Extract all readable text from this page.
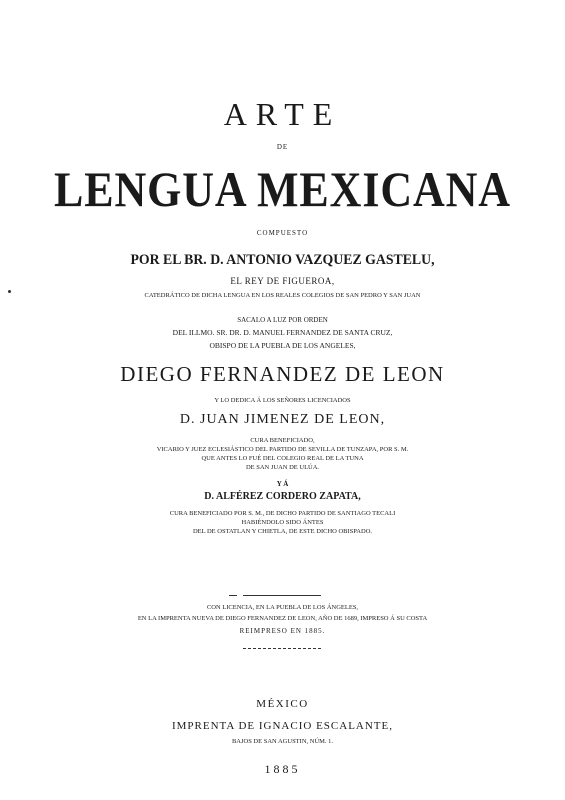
ARTE
DE
LENGUA MEXICANA
COMPUESTO
POR EL BR. D. ANTONIO VAZQUEZ GASTELU,
EL REY DE FIGUEROA,
CATEDRÁTICO DE DICHA LENGUA EN LOS REALES COLEGIOS DE SAN PEDRO Y SAN JUAN
SACALO A LUZ POR ORDEN
DEL ILLMO. SR. DR. D. MANUEL FERNANDEZ DE SANTA CRUZ,
OBISPO DE LA PUEBLA DE LOS ANGELES,
DIEGO FERNANDEZ DE LEON
Y LO DEDICA Á LOS SEÑORES LICENCIADOS
D. JUAN JIMENEZ DE LEON,
CURA BENEFICIADO,
VICARIO Y JUEZ ECLESIÁSTICO DEL PARTIDO DE SEVILLA DE TUNZAPA, POR S. M.
QUE ANTES LO FUÉ DEL COLEGIO REAL DE LA TUNA
DE SAN JUAN DE ULÚA.
Y Á
D. ALFÉREZ CORDERO ZAPATA,
CURA BENEFICIADO POR S. M., DE DICHO PARTIDO DE SANTIAGO TECALI
HABIÉNDOLO SIDO ÁNTES
DEL DE OSTATLAN Y CHIETLA, DE ESTE DICHO OBISPADO.
CON LICENCIA, EN LA PUEBLA DE LOS ÁNGELES,
EN LA IMPRENTA NUEVA DE DIEGO FERNANDEZ DE LEON, AÑO DE 1689, IMPRESO Á SU COSTA
REIMPRESO EN 1885.
MÉXICO
IMPRENTA DE IGNACIO ESCALANTE,
BAJOS DE SAN AGUSTIN, NÚM. 1.
1885
